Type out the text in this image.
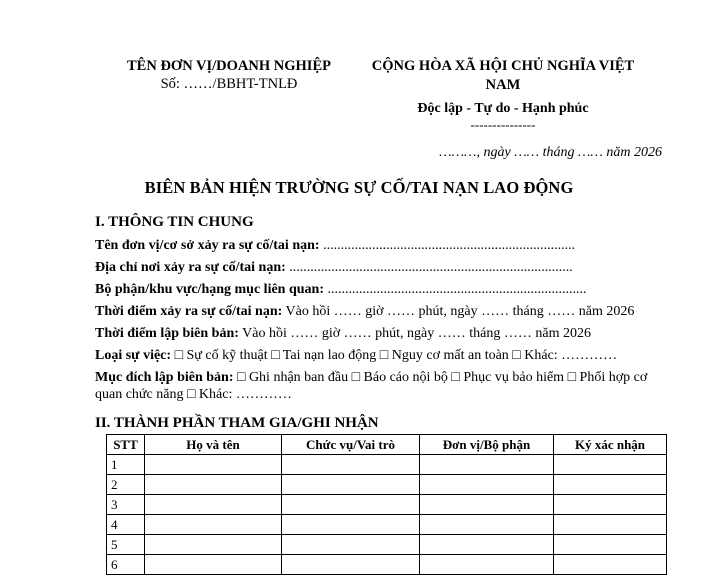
TÊN ĐƠN VỊ/DOANH NGHIỆP
Số: ……/BBHT-TNLĐ
CỘNG HÒA XÃ HỘI CHỦ NGHĨA VIỆT
NAM
Độc lập - Tự do - Hạnh phúc
---------------
………, ngày …… tháng …… năm 2026
BIÊN BẢN HIỆN TRƯỜNG SỰ CỐ/TAI NẠN LAO ĐỘNG

I. THÔNG TIN CHUNG

Tên đơn vị/cơ sở xảy ra sự cố/tai nạn: ........................................................................
Địa chỉ nơi xảy ra sự cố/tai nạn: .................................................................................
Bộ phận/khu vực/hạng mục liên quan: ..........................................................................
Thời điểm xảy ra sự cố/tai nạn: Vào hồi …… giờ …… phút, ngày …… tháng …… năm 2026
Thời điểm lập biên bản: Vào hồi …… giờ …… phút, ngày …… tháng …… năm 2026
Loại sự việc: □ Sự cố kỹ thuật □ Tai nạn lao động □ Nguy cơ mất an toàn □ Khác: …………
Mục đích lập biên bản: □ Ghi nhận ban đầu □ Báo cáo nội bộ □ Phục vụ bảo hiểm □ Phối hợp cơ quan chức năng □ Khác: …………

II. THÀNH PHẦN THAM GIA/GHI NHẬN

STT	Họ và tên	Chức vụ/Vai trò	Đơn vị/Bộ phận	Ký xác nhận
1				
2				
3				
4				
5				
6				
